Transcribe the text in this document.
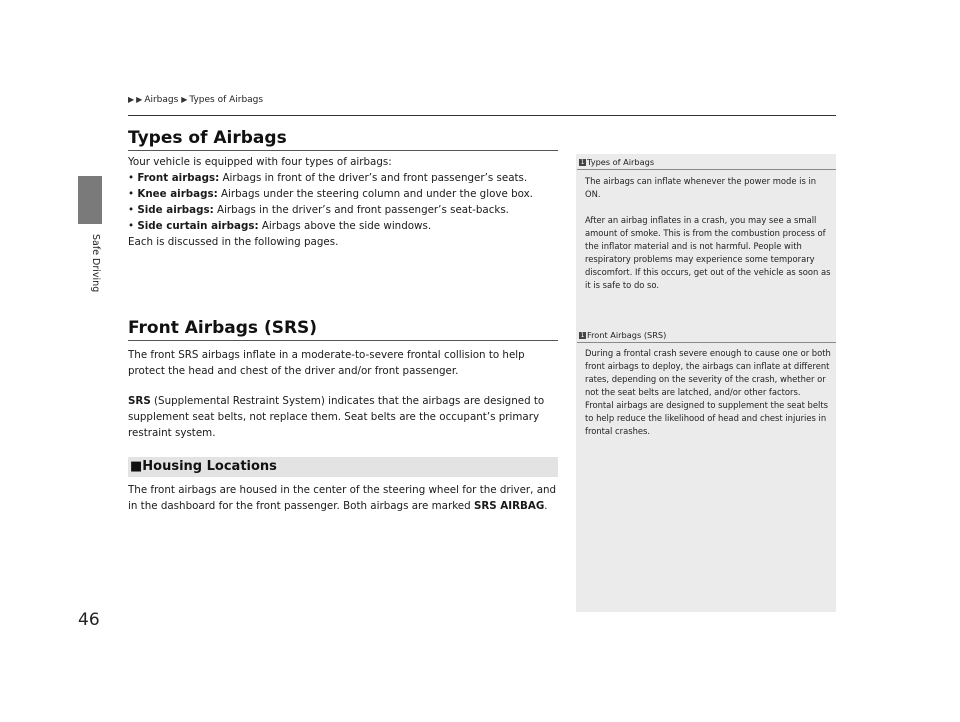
Safe Driving
46
▶ ▶ Airbags ▶ Types of Airbags
Types of Airbags

Your vehicle is equipped with four types of airbags:

• Front airbags: Airbags in front of the driver’s and front passenger’s seats.
• Knee airbags: Airbags under the steering column and under the glove box.
• Side airbags: Airbags in the driver’s and front passenger’s seat-backs.
• Side curtain airbags: Airbags above the side windows.

Each is discussed in the following pages.

1 Types of Airbags

The airbags can inflate whenever the power mode is in ON.

After an airbag inflates in a crash, you may see a small amount of smoke. This is from the combustion process of the inflator material and is not harmful. People with respiratory problems may experience some temporary discomfort. If this occurs, get out of the vehicle as soon as it is safe to do so.

Front Airbags (SRS)

The front SRS airbags inflate in a moderate-to-severe frontal collision to help protect the head and chest of the driver and/or front passenger.

SRS (Supplemental Restraint System) indicates that the airbags are designed to supplement seat belts, not replace them. Seat belts are the occupant’s primary restraint system.

1 Front Airbags (SRS)

During a frontal crash severe enough to cause one or both front airbags to deploy, the airbags can inflate at different rates, depending on the severity of the crash, whether or not the seat belts are latched, and/or other factors. Frontal airbags are designed to supplement the seat belts to help reduce the likelihood of head and chest injuries in frontal crashes.

■Housing Locations

The front airbags are housed in the center of the steering wheel for the driver, and in the dashboard for the front passenger. Both airbags are marked SRS AIRBAG.
